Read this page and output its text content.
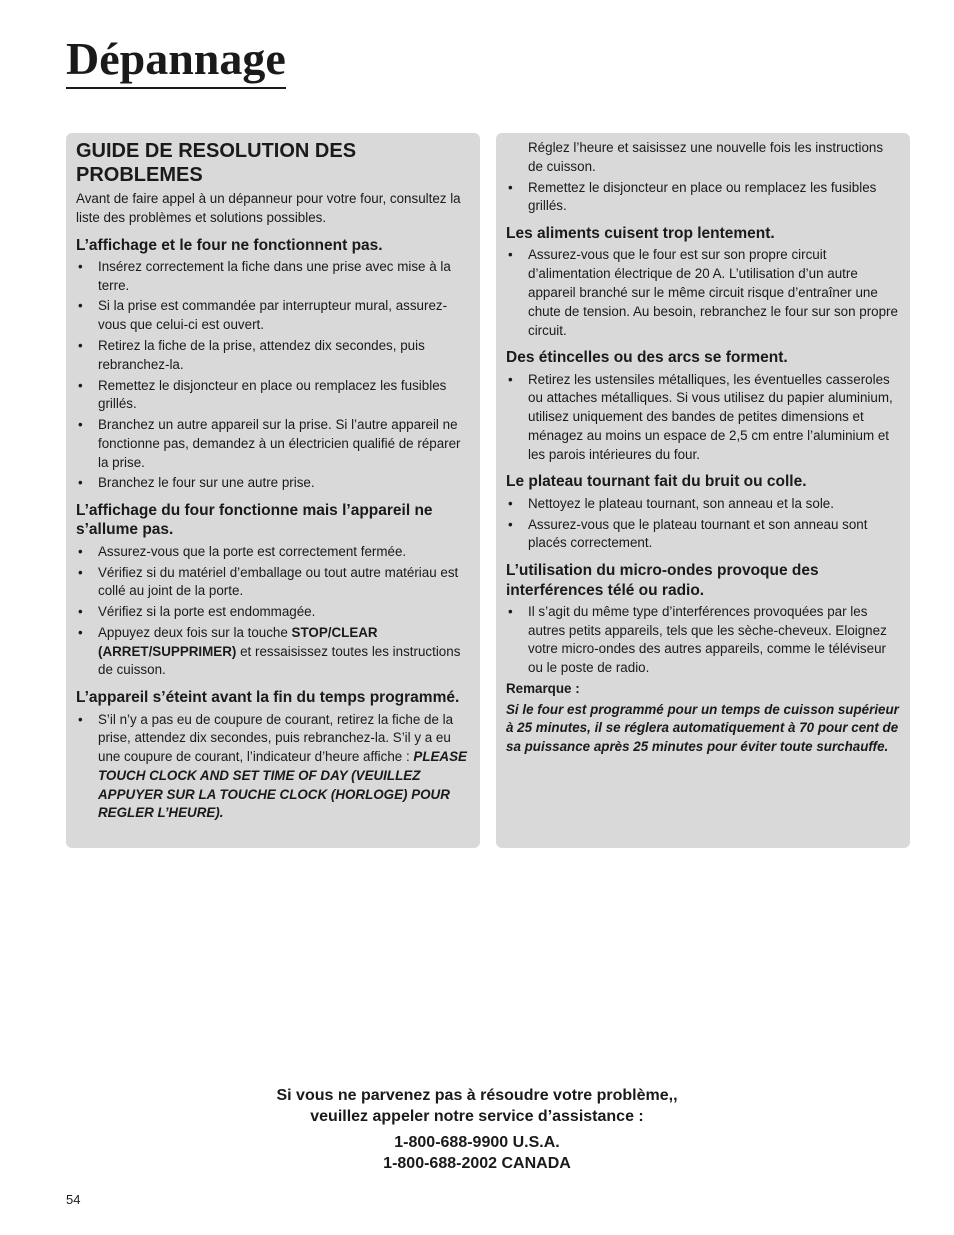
Dépannage
GUIDE DE RESOLUTION DES PROBLEMES

Avant de faire appel à un dépanneur pour votre four, consultez la liste des problèmes et solutions possibles.

L’affichage et le four ne fonctionnent pas.
• Insérez correctement la fiche dans une prise avec mise à la terre.
• Si la prise est commandée par interrupteur mural, assurez-vous que celui-ci est ouvert.
• Retirez la fiche de la prise, attendez dix secondes, puis rebranchez-la.
• Remettez le disjoncteur en place ou remplacez les fusibles grillés.
• Branchez un autre appareil sur la prise. Si l’autre appareil ne fonctionne pas, demandez à un électricien qualifié de réparer la prise.
• Branchez le four sur une autre prise.
L’affichage du four fonctionne mais l’appareil ne s’allume pas.
• Assurez-vous que la porte est correctement fermée.
• Vérifiez si du matériel d’emballage ou tout autre matériau est collé au joint de la porte.
• Vérifiez si la porte est endommagée.
• Appuyez deux fois sur la touche STOP/CLEAR (ARRET/SUPPRIMER) et ressaisissez toutes les instructions de cuisson.
L’appareil s’éteint avant la fin du temps programmé.
• S’il n’y a pas eu de coupure de courant, retirez la fiche de la prise, attendez dix secondes, puis rebranchez-la. S’il y a eu une coupure de courant, l’indicateur d’heure affiche : PLEASE TOUCH CLOCK AND SET TIME OF DAY (VEUILLEZ APPUYER SUR LA TOUCHE CLOCK (HORLOGE) POUR REGLER L’HEURE).

Réglez l’heure et saisissez une nouvelle fois les instructions de cuisson.

• Remettez le disjoncteur en place ou remplacez les fusibles grillés.
Les aliments cuisent trop lentement.
• Assurez-vous que le four est sur son propre circuit d’alimentation électrique de 20 A. L’utilisation d’un autre appareil branché sur le même circuit risque d’entraîner une chute de tension. Au besoin, rebranchez le four sur son propre circuit.
Des étincelles ou des arcs se forment.
• Retirez les ustensiles métalliques, les éventuelles casseroles ou attaches métalliques. Si vous utilisez du papier aluminium, utilisez uniquement des bandes de petites dimensions et ménagez au moins un espace de 2,5 cm entre l’aluminium et les parois intérieures du four.
Le plateau tournant fait du bruit ou colle.
• Nettoyez le plateau tournant, son anneau et la sole.
• Assurez-vous que le plateau tournant et son anneau sont placés correctement.
L’utilisation du micro-ondes provoque des interférences télé ou radio.
• Il s’agit du même type d’interférences provoquées par les autres petits appareils, tels que les sèche-cheveux. Eloignez votre micro-ondes des autres appareils, comme le téléviseur ou le poste de radio.

Remarque :

Si le four est programmé pour un temps de cuisson supérieur à 25 minutes, il se réglera automatiquement à 70 pour cent de sa puissance après 25 minutes pour éviter toute surchauffe.

Si vous ne parvenez pas à résoudre votre problème,,

veuillez appeler notre service d’assistance :

1-800-688-9900 U.S.A.

1-800-688-2002 CANADA

54
